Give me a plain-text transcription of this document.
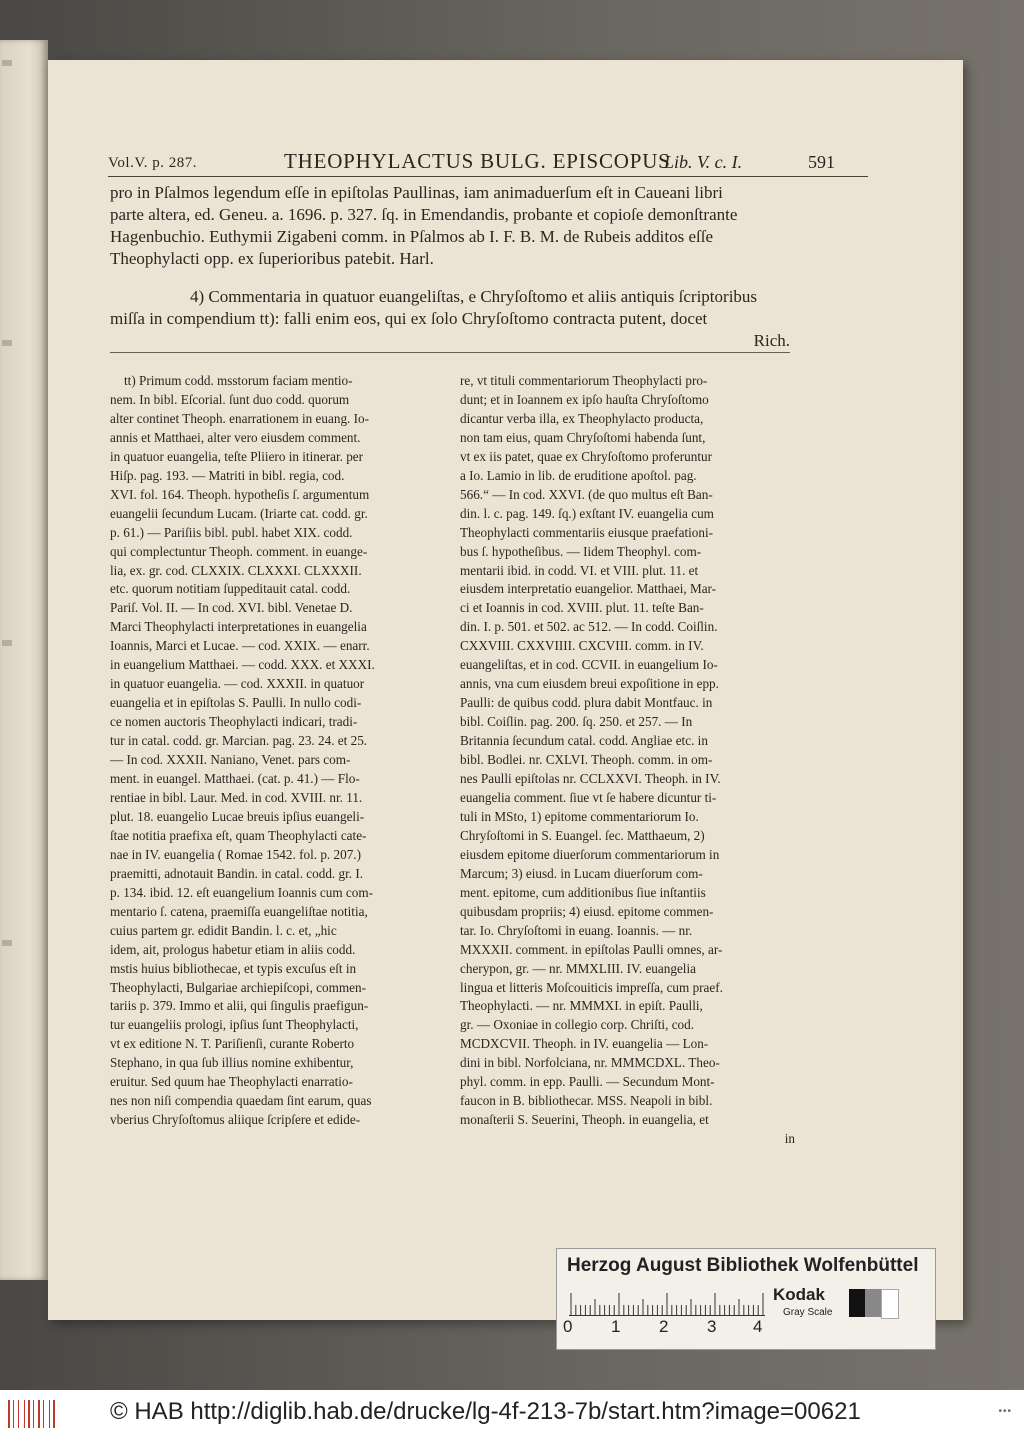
Vol.V. p. 287.	THEOPHYLACTUS BULG. EPISCOPUS
Lib. V. c. I.	591
pro in Pſalmos legendum eſſe in epiſtolas Paullinas, iam animaduerſum eſt in Caueani libri
parte altera, ed. Geneu. a. 1696. p. 327. ſq. in Emendandis, probante et copioſe demonſtrante
Hagenbuchio. Euthymii Zigabeni comm. in Pſalmos ab I. F. B. M. de Rubeis additos eſſe
Theophylacti opp. ex ſuperioribus patebit. Harl.
4) Commentaria in quatuor euangeliſtas, e Chryſoſtomo et aliis antiquis ſcriptoribus
miſſa in compendium tt): falli enim eos, qui ex ſolo Chryſoſtomo contracta putent, docet
Rich.
tt) Primum codd. msstorum faciam mentio-
nem. In bibl. Eſcorial. ſunt duo codd. quorum
alter continet Theoph. enarrationem in euang. Io-
annis et Matthaei, alter vero eiusdem comment.
in quatuor euangelia, teſte Pliiero in itinerar. per
Hiſp. pag. 193. — Matriti in bibl. regia, cod.
XVI. fol. 164. Theoph. hypotheſis ſ. argumentum
euangelii ſecundum Lucam. (Iriarte cat. codd. gr.
p. 61.) — Pariſiis bibl. publ. habet XIX. codd.
qui complectuntur Theoph. comment. in euange-
lia, ex. gr. cod. CLXXIX. CLXXXI. CLXXXII.
etc. quorum notitiam ſuppeditauit catal. codd.
Pariſ. Vol. II. — In cod. XVI. bibl. Venetae D.
Marci Theophylacti interpretationes in euangelia
Ioannis, Marci et Lucae. — cod. XXIX. — enarr.
in euangelium Matthaei. — codd. XXX. et XXXI.
in quatuor euangelia. — cod. XXXII. in quatuor
euangelia et in epiſtolas S. Paulli. In nullo codi-
ce nomen auctoris Theophylacti indicari, tradi-
tur in catal. codd. gr. Marcian. pag. 23. 24. et 25.
— In cod. XXXII. Naniano, Venet. pars com-
ment. in euangel. Matthaei. (cat. p. 41.) — Flo-
rentiae in bibl. Laur. Med. in cod. XVIII. nr. 11.
plut. 18. euangelio Lucae breuis ipſius euangeli-
ſtae notitia praefixa eſt, quam Theophylacti cate-
nae in IV. euangelia ( Romae 1542. fol. p. 207.)
praemitti, adnotauit Bandin. in catal. codd. gr. I.
p. 134. ibid. 12. eſt euangelium Ioannis cum com-
mentario ſ. catena, praemiſſa euangeliſtae notitia,
cuius partem gr. edidit Bandin. l. c. et, „hic
idem, ait, prologus habetur etiam in aliis codd.
mstis huius bibliothecae, et typis excuſus eſt in
Theophylacti, Bulgariae archiepiſcopi, commen-
tariis p. 379. Immo et alii, qui ſingulis praefigun-
tur euangeliis prologi, ipſius ſunt Theophylacti,
vt ex editione N. T. Pariſienſi, curante Roberto
Stephano, in qua ſub illius nomine exhibentur,
eruitur. Sed quum hae Theophylacti enarratio-
nes non niſi compendia quaedam ſint earum, quas
vberius Chryſoſtomus aliique ſcripſere et edide-
re, vt tituli commentariorum Theophylacti pro-
dunt; et in Ioannem ex ipſo hauſta Chryſoſtomo
dicantur verba illa, ex Theophylacto producta,
non tam eius, quam Chryſoſtomi habenda ſunt,
vt ex iis patet, quae ex Chryſoſtomo proferuntur
a Io. Lamio in lib. de eruditione apoſtol. pag.
566.“ — In cod. XXVI. (de quo multus eſt Ban-
din. l. c. pag. 149. ſq.) exſtant IV. euangelia cum
Theophylacti commentariis eiusque praefationi-
bus ſ. hypotheſibus. — Iidem Theophyl. com-
mentarii ibid. in codd. VI. et VIII. plut. 11. et
eiusdem interpretatio euangelior. Matthaei, Mar-
ci et Ioannis in cod. XVIII. plut. 11. teſte Ban-
din. I. p. 501. et 502. ac 512. — In codd. Coiſlin.
CXXVIII. CXXVIIII. CXCVIII. comm. in IV.
euangeliſtas, et in cod. CCVII. in euangelium Io-
annis, vna cum eiusdem breui expoſitione in epp.
Paulli: de quibus codd. plura dabit Montfauc. in
bibl. Coiſlin. pag. 200. ſq. 250. et 257. — In
Britannia ſecundum catal. codd. Angliae etc. in
bibl. Bodlei. nr. CXLVI. Theoph. comm. in om-
nes Paulli epiſtolas nr. CCLXXVI. Theoph. in IV.
euangelia comment. ſiue vt ſe habere dicuntur ti-
tuli in MSto, 1) epitome commentariorum Io.
Chryſoſtomi in S. Euangel. ſec. Matthaeum, 2)
eiusdem epitome diuerſorum commentariorum in
Marcum; 3) eiusd. in Lucam diuerſorum com-
ment. epitome, cum additionibus ſiue inſtantiis
quibusdam propriis; 4) eiusd. epitome commen-
tar. Io. Chryſoſtomi in euang. Ioannis. — nr.
MXXXII. comment. in epiſtolas Paulli omnes, ar-
cherypon, gr. — nr. MMXLIII. IV. euangelia
lingua et litteris Moſcouiticis impreſſa, cum praef.
Theophylacti. — nr. MMMXI. in epiſt. Paulli,
gr. — Oxoniae in collegio corp. Chriſti, cod.
MCDXCVII. Theoph. in IV. euangelia — Lon-
dini in bibl. Norfolciana, nr. MMMCDXL. Theo-
phyl. comm. in epp. Paulli. — Secundum Mont-
faucon in B. bibliothecar. MSS. Neapoli in bibl.
monaſterii S. Seuerini, Theoph. in euangelia, et
in
Herzog August Bibliothek Wolfenbüttel
0 1 2 3 4
Kodak
Gray Scale
© HAB http://diglib.hab.de/drucke/lg-4f-213-7b/start.htm?image=00621	•••
